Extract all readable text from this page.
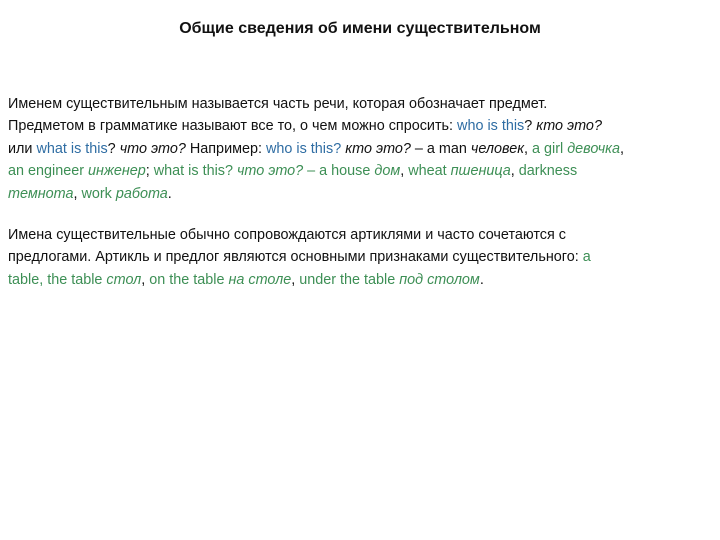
Общие сведения об имени существительном
Именем существительным называется часть речи, которая обозначает предмет.
Предметом в грамматике называют все то, о чем можно спросить: who is this? кто это?
или what is this? что это? Например: who is this? кто это? – a man человек, a girl девочка,
an engineer инженер; what is this? что это? – a house дом, wheat пшеница, darkness
темнота, work работа.
Имена существительные обычно сопровождаются артиклями и часто сочетаются с
предлогами. Артикль и предлог являются основными признаками существительного: a
table, the table стол, on the table на столе, under the table под столом.
